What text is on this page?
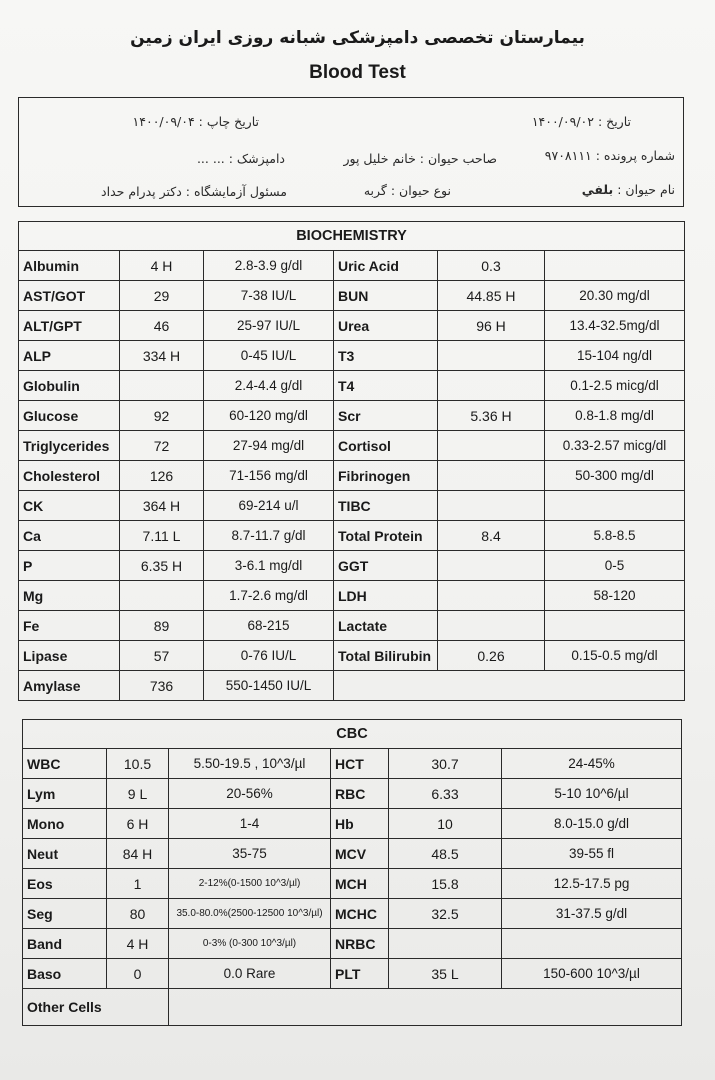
بیمارستان تخصصی دامپزشکی شبانه روزی ایران زمین
Blood Test
تاریخ : ۱۴۰۰/۰۹/۰۲
تاریخ چاپ : ۱۴۰۰/۰۹/۰۴
شماره پرونده : ۹۷۰۸۱۱۱
صاحب حیوان : خانم خلیل پور
دامپزشک : ... ...
نام حیوان : بلفي
نوع حیوان : گربه
مسئول آزمایشگاه : دکتر پدرام حداد
BIOCHEMISTRY					
Albumin	4 H	2.8-3.9 g/dl	Uric Acid	0.3	
AST/GOT	29	7-38 IU/L	BUN	44.85 H	20.30 mg/dl
ALT/GPT	46	25-97 IU/L	Urea	96 H	13.4-32.5mg/dl
ALP	334 H	0-45 IU/L	T3		15-104 ng/dl
Globulin		2.4-4.4 g/dl	T4		0.1-2.5 micg/dl
Glucose	92	60-120 mg/dl	Scr	5.36 H	0.8-1.8 mg/dl
Triglycerides	72	27-94 mg/dl	Cortisol		0.33-2.57 micg/dl
Cholesterol	126	71-156 mg/dl	Fibrinogen		50-300 mg/dl
CK	364 H	69-214 u/l	TIBC		
Ca	7.11 L	8.7-11.7 g/dl	Total Protein	8.4	5.8-8.5
P	6.35 H	3-6.1 mg/dl	GGT		0-5
Mg		1.7-2.6 mg/dl	LDH		58-120
Fe	89	68-215	Lactate		
Lipase	57	0-76 IU/L	Total Bilirubin	0.26	0.15-0.5 mg/dl
Amylase	736	550-1450 IU/L			
CBC					
WBC	10.5	5.50-19.5 , 10^3/µl	HCT	30.7	24-45%
Lym	9 L	20-56%	RBC	6.33	5-10 10^6/µl
Mono	6 H	1-4	Hb	10	8.0-15.0 g/dl
Neut	84 H	35-75	MCV	48.5	39-55 fl
Eos	1	2-12%(0-1500 10^3/µl)	MCH	15.8	12.5-17.5 pg
Seg	80	35.0-80.0%(2500-12500 10^3/µl)	MCHC	32.5	31-37.5 g/dl
Band	4 H	0-3% (0-300 10^3/µl)	NRBC		
Baso	0	0.0 Rare	PLT	35 L	150-600 10^3/µl
Other Cells					
